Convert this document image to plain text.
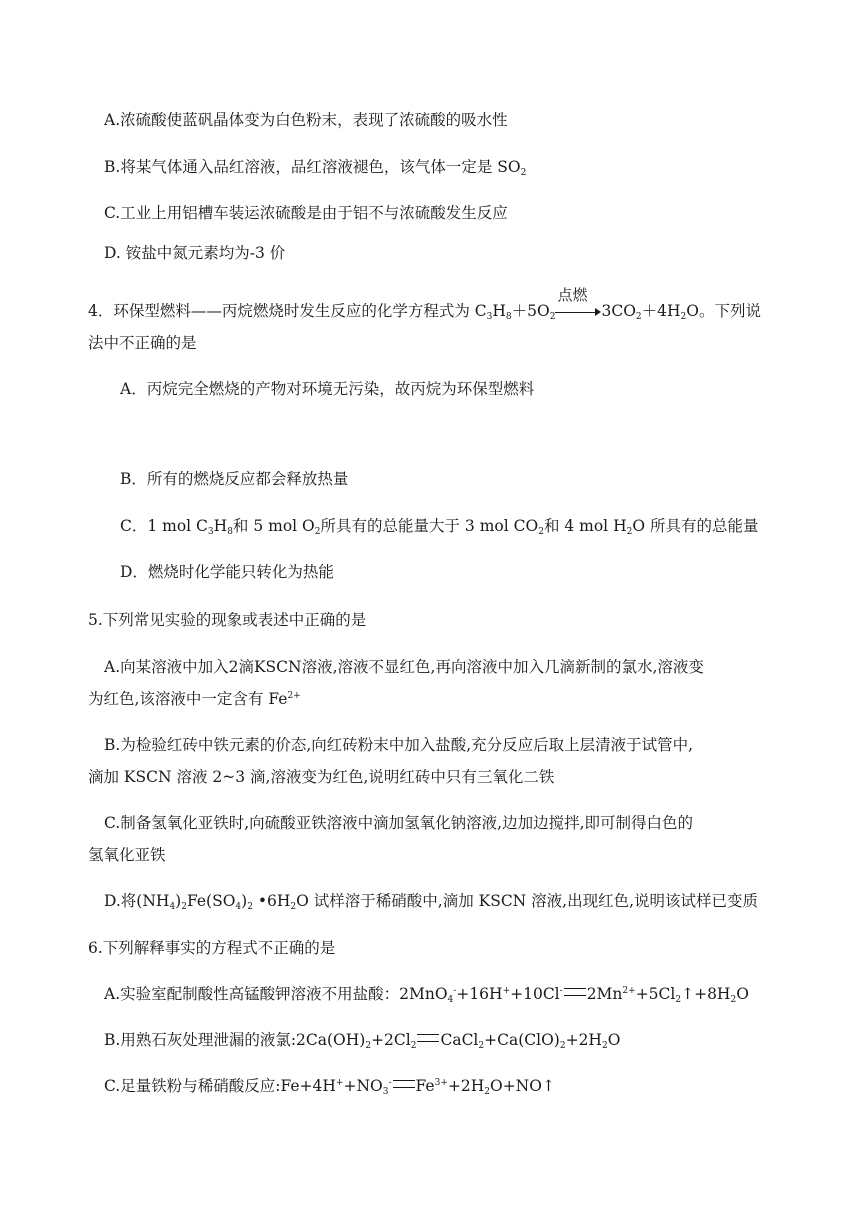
A.浓硫酸使蓝矾晶体变为白色粉末，表现了浓硫酸的吸水性
B.将某气体通入品红溶液，品红溶液褪色，该气体一定是 $SO_2$
C.工业上用铝槽车装运浓硫酸是由于铝不与浓硫酸发生反应
D. 铵盐中氮元素均为-3 价
4．环保型燃料——丙烷燃烧时发生反应的化学方程式为 $C_3H_8+5O_2$
点燃
$3CO_2+4H_2O$。下列说
法中不正确的是
A．丙烷完全燃烧的产物对环境无污染，故丙烷为环保型燃料
B．所有的燃烧反应都会释放热量
C．1 mol $C_3H_8$和 5 mol $O_2$所具有的总能量大于 3 mol $CO_2$和 4 mol $H_2O$ 所具有的总能量
D．燃烧时化学能只转化为热能
5.下列常见实验的现象或表述中正确的是
A.向某溶液中加入2滴KSCN溶液,溶液不显红色,再向溶液中加入几滴新制的氯水,溶液变
为红色,该溶液中一定含有 $Fe^{2+}$
B.为检验红砖中铁元素的价态,向红砖粉末中加入盐酸,充分反应后取上层清液于试管中,
滴加 KSCN 溶液 2~3 滴,溶液变为红色,说明红砖中只有三氧化二铁
C.制备氢氧化亚铁时,向硫酸亚铁溶液中滴加氢氧化钠溶液,边加边搅拌,即可制得白色的
氢氧化亚铁
D.将$(NH_4)_2Fe(SO_4)_2$ $•6H_2O$ 试样溶于稀硝酸中,滴加 KSCN 溶液,出现红色,说明该试样已变质
6.下列解释事实的方程式不正确的是
A.实验室配制酸性高锰酸钾溶液不用盐酸：2MnO$_4$-+16H++10Cl- $2Mn^{2+}+5Cl_2↑+8H_2O$
B.用熟石灰处理泄漏的液氯$:2Ca(OH)_2+2Cl_2$ $CaCl_2+Ca(ClO)_2+2H_2O$
C.足量铁粉与稀硝酸反应$:Fe+4H^++NO_3^-$ $Fe^{3+}+2H_2O+NO↑$
